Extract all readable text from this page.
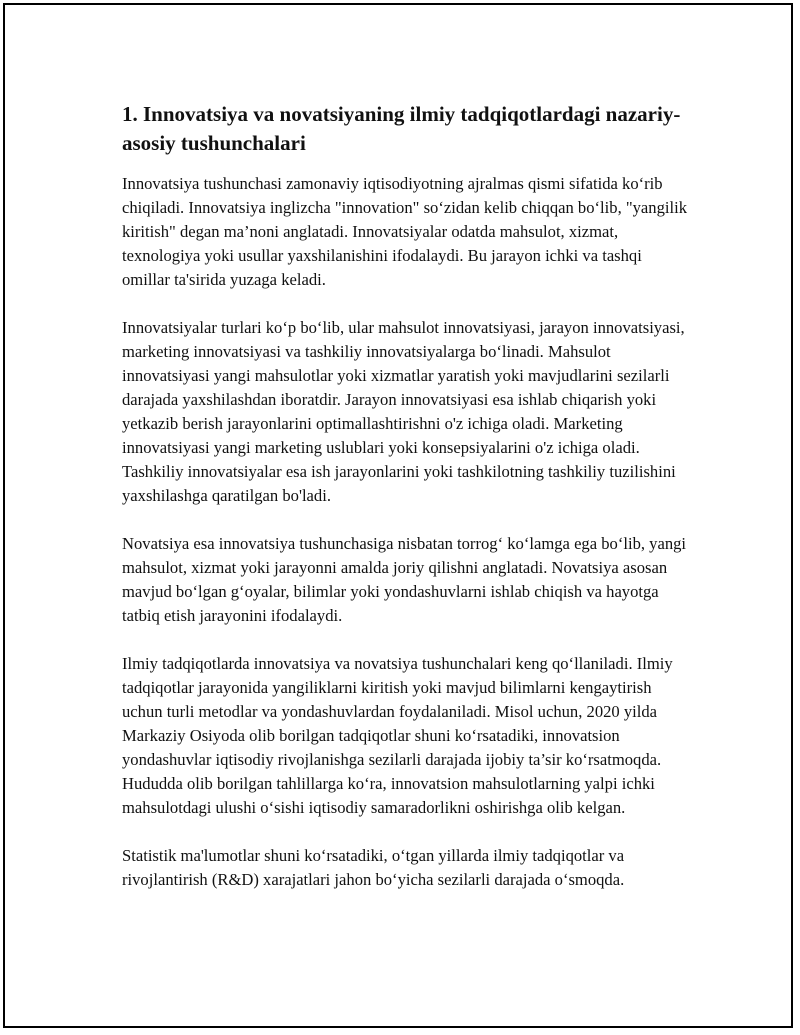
1. Innovatsiya va novatsiyaning ilmiy tadqiqotlardagi nazariy-asosiy tushunchalari

Innovatsiya tushunchasi zamonaviy iqtisodiyotning ajralmas qismi sifatida ko‘rib chiqiladi. Innovatsiya inglizcha "innovation" so‘zidan kelib chiqqan bo‘lib, "yangilik kiritish" degan ma’noni anglatadi. Innovatsiyalar odatda mahsulot, xizmat, texnologiya yoki usullar yaxshilanishini ifodalaydi. Bu jarayon ichki va tashqi omillar ta'sirida yuzaga keladi.

Innovatsiyalar turlari ko‘p bo‘lib, ular mahsulot innovatsiyasi, jarayon innovatsiyasi, marketing innovatsiyasi va tashkiliy innovatsiyalarga bo‘linadi. Mahsulot innovatsiyasi yangi mahsulotlar yoki xizmatlar yaratish yoki mavjudlarini sezilarli darajada yaxshilashdan iboratdir. Jarayon innovatsiyasi esa ishlab chiqarish yoki yetkazib berish jarayonlarini optimallashtirishni o'z ichiga oladi. Marketing innovatsiyasi yangi marketing uslublari yoki konsepsiyalarini o'z ichiga oladi. Tashkiliy innovatsiyalar esa ish jarayonlarini yoki tashkilotning tashkiliy tuzilishini yaxshilashga qaratilgan bo'ladi.

Novatsiya esa innovatsiya tushunchasiga nisbatan torrog‘ ko‘lamga ega bo‘lib, yangi mahsulot, xizmat yoki jarayonni amalda joriy qilishni anglatadi. Novatsiya asosan mavjud bo‘lgan g‘oyalar, bilimlar yoki yondashuvlarni ishlab chiqish va hayotga tatbiq etish jarayonini ifodalaydi.

Ilmiy tadqiqotlarda innovatsiya va novatsiya tushunchalari keng qo‘llaniladi. Ilmiy tadqiqotlar jarayonida yangiliklarni kiritish yoki mavjud bilimlarni kengaytirish uchun turli metodlar va yondashuvlardan foydalaniladi. Misol uchun, 2020 yilda Markaziy Osiyoda olib borilgan tadqiqotlar shuni ko‘rsatadiki, innovatsion yondashuvlar iqtisodiy rivojlanishga sezilarli darajada ijobiy ta’sir ko‘rsatmoqda. Hududda olib borilgan tahlillarga ko‘ra, innovatsion mahsulotlarning yalpi ichki mahsulotdagi ulushi o‘sishi iqtisodiy samaradorlikni oshirishga olib kelgan.

Statistik ma'lumotlar shuni ko‘rsatadiki, o‘tgan yillarda ilmiy tadqiqotlar va rivojlantirish (R&D) xarajatlari jahon bo‘yicha sezilarli darajada o‘smoqda.
